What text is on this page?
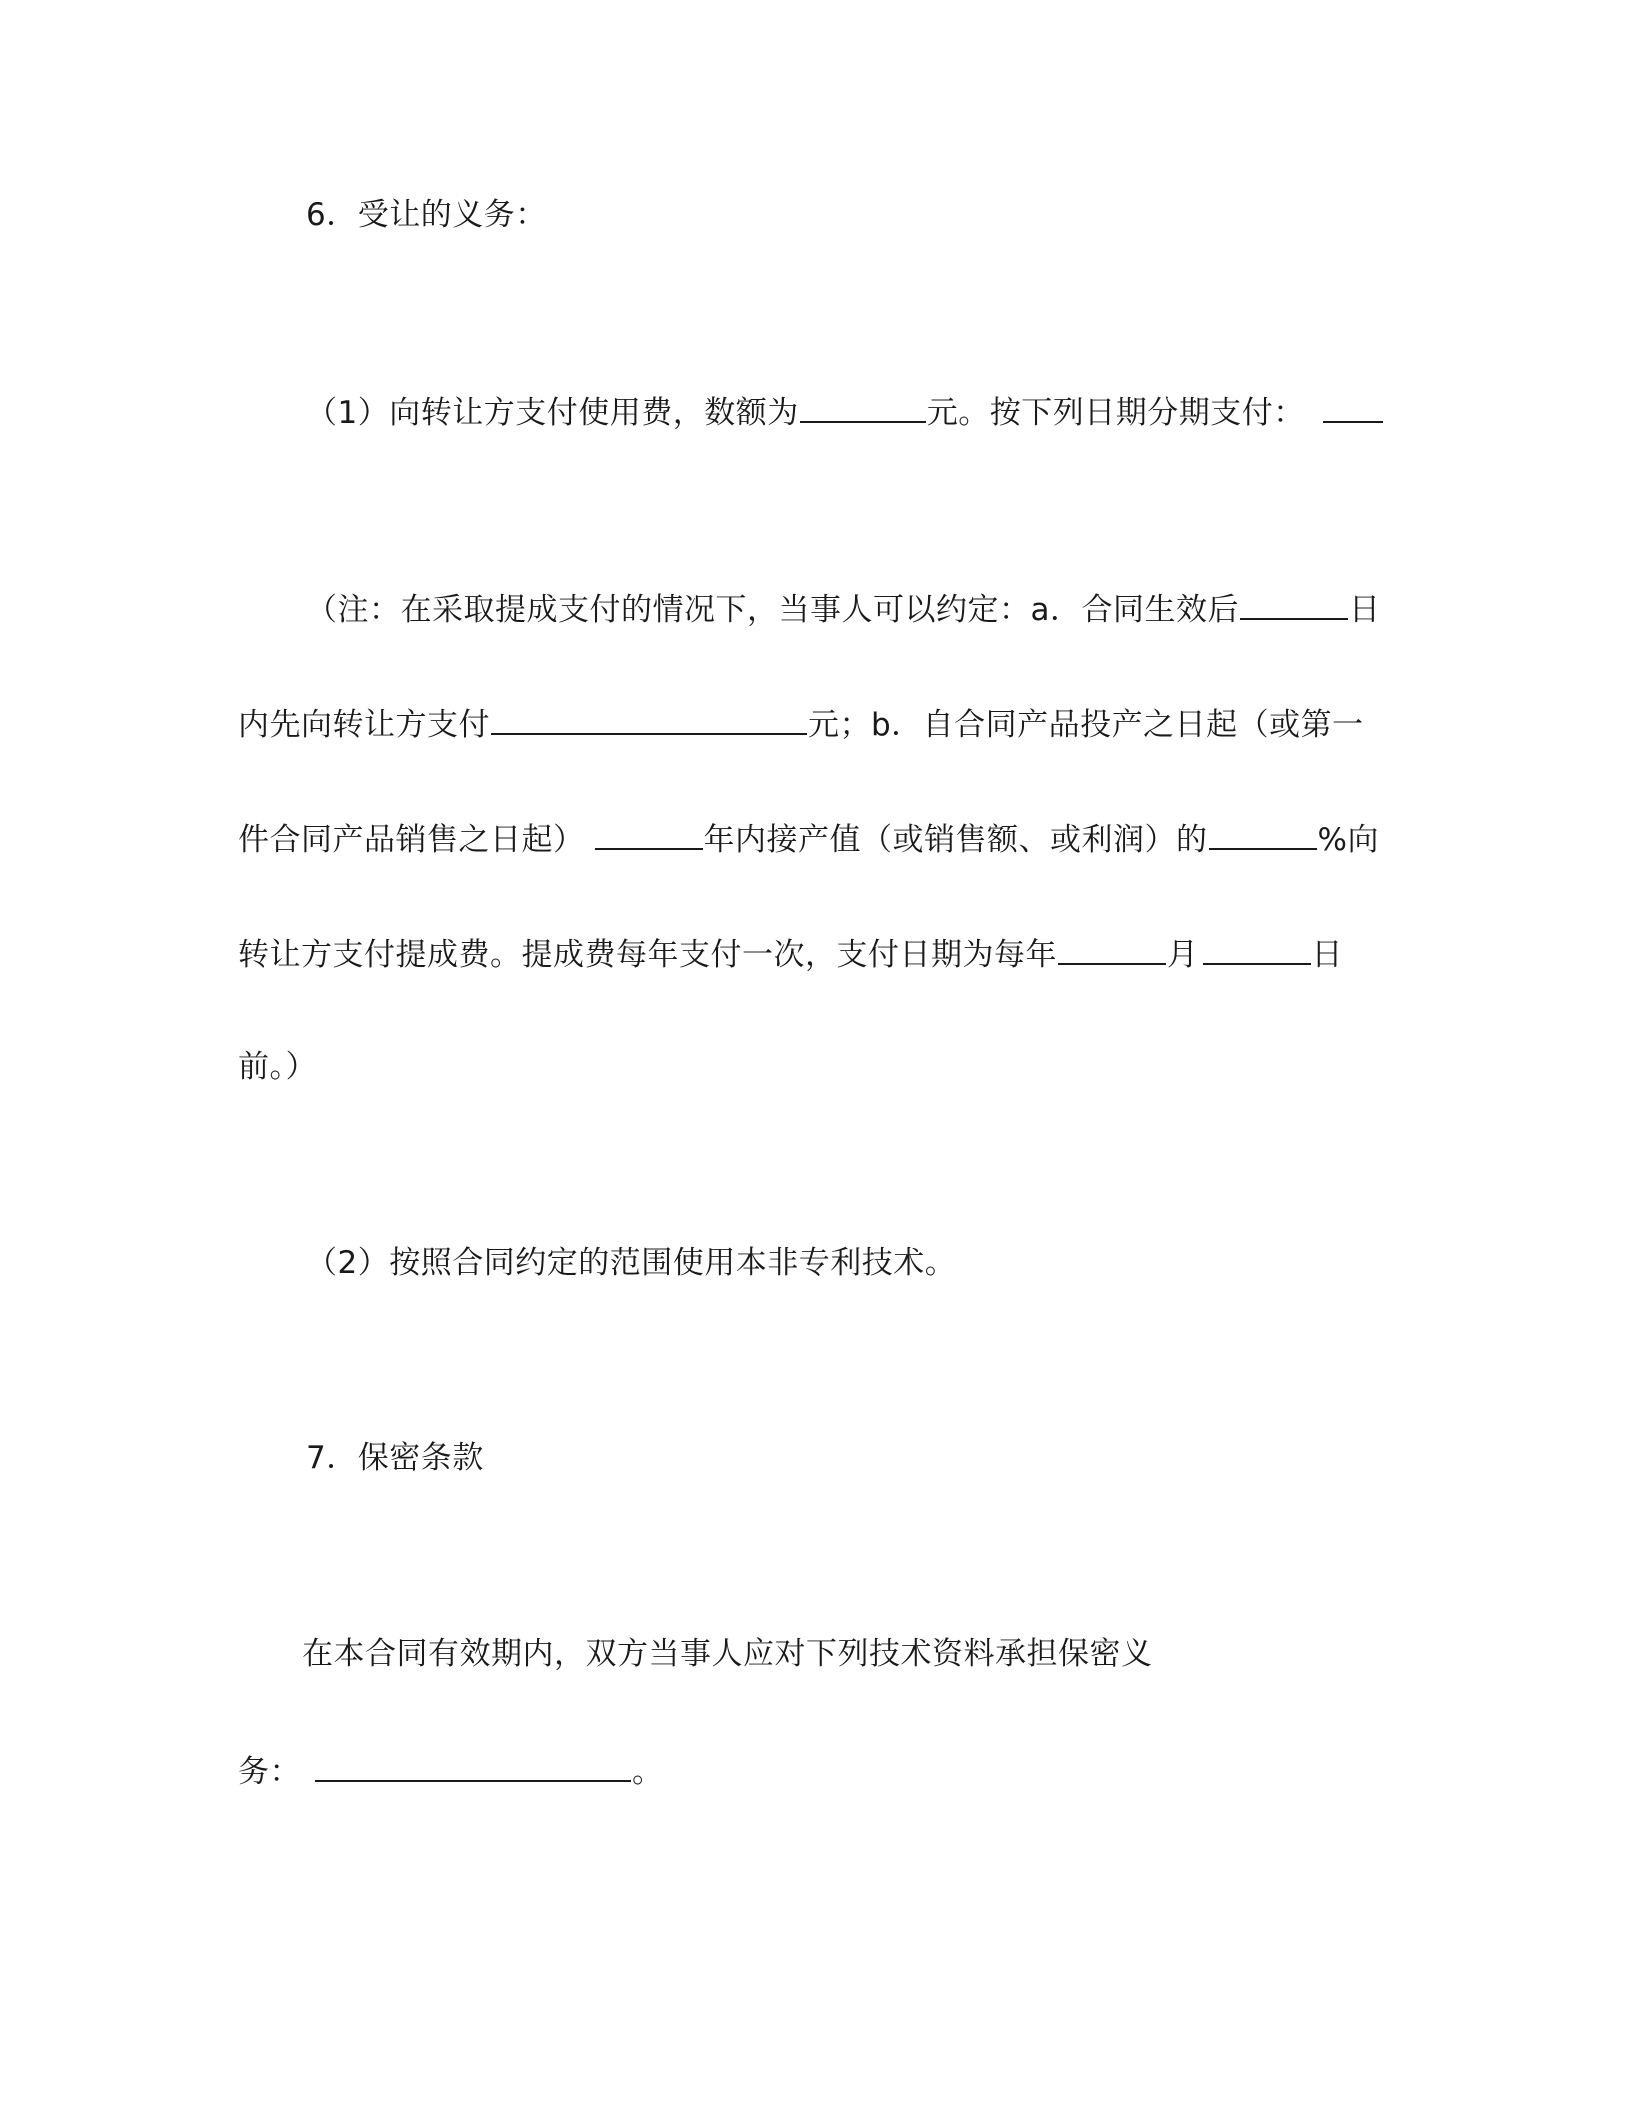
6．受让的义务：
（1）向转让方支付使用费，数额为	元。按下列日期分期支付：
（注：在采取提成支付的情况下，当事人可以约定：a．合同生效后	日
内先向转让方支付	元；b．自合同产品投产之日起（或第一
件合同产品销售之日起）	年内接产值（或销售额、或利润）的	%向
转让方支付提成费。提成费每年支付一次，支付日期为每年	月	日
前。）
（2）按照合同约定的范围使用本非专利技术。
7．保密条款
在本合同有效期内，双方当事人应对下列技术资料承担保密义
务：	。
